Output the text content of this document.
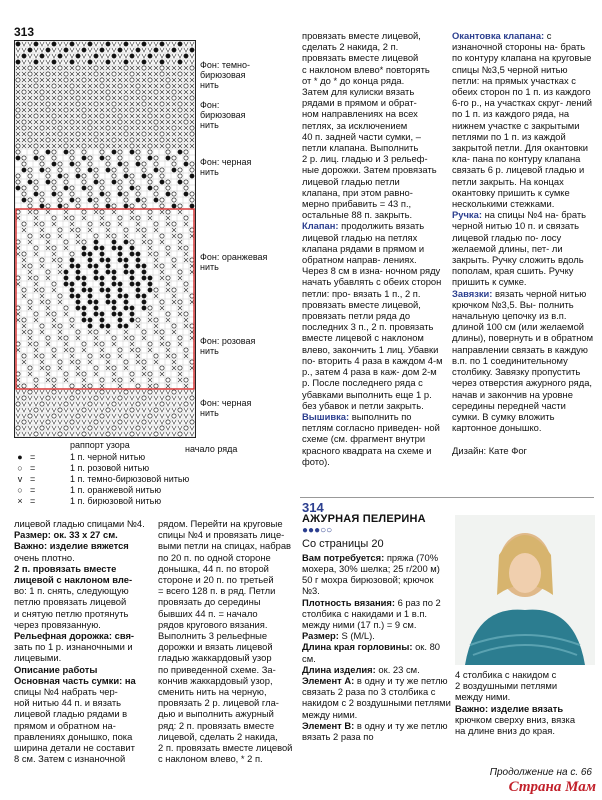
313
Фон: темно-бирюзовая нить
Фон: бирюзовая нить
Фон: черная нить
Фон: оранжевая нить
Фон: розовая нить
Фон: черная нить
раппорт узора	начало ряда
● =	1 п. черной нитью
○ =	1 п. розовой нитью
v =	1 п. темно-бирюзовой нитью
○ =	1 п. оранжевой нитью
× =	1 п. бирюзовой нитью
провязать вместе лицевой,
сделать 2 накида, 2 п.
провязать вместе лицевой
с наклоном влево* повторять
от * до * до конца ряда.
Затем для кулиски вязать
рядами в прямом и обрат-
ном направлениях на всех
петлях, за исключением
40 п. задней части сумки, –
петли клапана. Выполнить
2 р. лиц. гладью и 3 рельеф-
ные дорожки. Затем провязать
лицевой гладью петли
клапана, при этом равно-
мерно прибавить = 43 п.,
остальные 88 п. закрыть.

Клапан: продолжить вязать лицевой гладью на петлях клапана рядами в прямом и обратном направ- лениях. Через 8 см в изна- ночном ряду начать убавлять с обеих сторон петли: про- вязать 1 п., 2 п. провязать вместе лицевой, провязать петли ряда до последних 3 п., 2 п. провязать вместе лицевой с наклоном влево, закончить 1 лиц. Убавки по- вторить 4 раза в каждом 4-м р., затем 4 раза в каж- дом 2-м р. После последнего ряда с убавками выполнить еще 1 р. без убавок и петли закрыть.

Вышивка: выполнить по петлям согласно приведен- ной схеме (см. фрагмент внутри красного квадрата на схеме и фото).

Окантовка клапана: с изнаночной стороны на- брать по контуру клапана на круговые спицы №3,5 черной нитью петли: на прямых участках с обеих сторон по 1 п. из каждого 6-го р., на участках скруг- лений по 1 п. из каждого ряда, на нижнем участке с закрытыми петлями по 1 п. из каждой закрытой петли. Для окантовки кла- пана по контуру клапана связать 6 р. лицевой гладью и петли закрыть. На концах окантовку пришить к сумке несколькими стежками.

Ручка: на спицы №4 на- брать черной нитью 10 п. и связать лицевой гладью по- лосу желаемой длины, пет- ли закрыть. Ручку сложить вдоль пополам, края сшить. Ручку пришить к сумке.

Завязки: вязать черной нитью крючком №3,5. Вы- полнить начальную цепочку из в.п. длиной 100 см (или желаемой длины), повернуть и в обратном направлении связать в каждую в.п. по 1 соединительному столбику. Завязку пропустить через отверстия ажурного ряда, начав и закончив на уровне середины передней части сумки. В сумку вложить картонное донышко.

Дизайн: Кате Фог

лицевой гладью спицами №4.
Размер: ок. 33 x 27 см.
Важно: изделие вяжется
очень плотно.
2 п. провязать вместе
лицевой с наклоном вле-
во: 1 п. снять, следующую
петлю провязать лицевой
и снятую петлю протянуть
через провязанную.
Рельефная дорожка: свя-
зать по 1 р. изнаночными и
лицевыми.
Описание работы
Основная часть сумки: на
спицы №4 набрать чер-
ной нитью 44 п. и вязать
лицевой гладью рядами в
прямом и обратном на-
правлениях донышко, пока
ширина детали не составит
8 см. Затем с изнаночной
рядом. Перейти на круговые
спицы №4 и провязать лице-
выми петли на спицах, набрав
по 20 п. по одной стороне
донышка, 44 п. по второй
стороне и 20 п. по третьей
= всего 128 п. в ряд. Петли
провязать до середины
бывших 44 п. = начало
рядов кругового вязания.
Выполнить 3 рельефные
дорожки и вязать лицевой
гладью жаккардовый узор
по приведенной схеме. За-
кончив жаккардовый узор,
сменить нить на черную,
провязать 2 р. лицевой гла-
дью и выполнить ажурный
ряд: 2 п. провязать вместе
лицевой, сделать 2 накида,
2 п. провязать вместе лицевой
с наклоном влево, * 2 п.
314
АЖУРНАЯ ПЕЛЕРИНА
●●●○○
Со страницы 20
Вам потребуется: пряжа (70% мохера, 30% шелка; 25 г/200 м) 50 г мохра бирюзовой; крючок №3.
Плотность вязания: 6 раз по 2 столбика с накидами и 1 в.п. между ними (17 п.) = 9 см.
Размер: S (M/L).
Длина края горловины: ок. 80 см.
Длина изделия: ок. 23 см.
Элемент А: в одну и ту же петлю связать 2 раза по 3 столбика с накидом с 2 воздушными петлями между ними.
Элемент В: в одну и ту же петлю вязать 2 раза по
4 столбика с накидом с
2 воздушными петлями
между ними.
Важно: изделие вязать
крючком сверху вниз, вязка
на длине вниз до края.
Продолжение на с. 66
Страна Мам
